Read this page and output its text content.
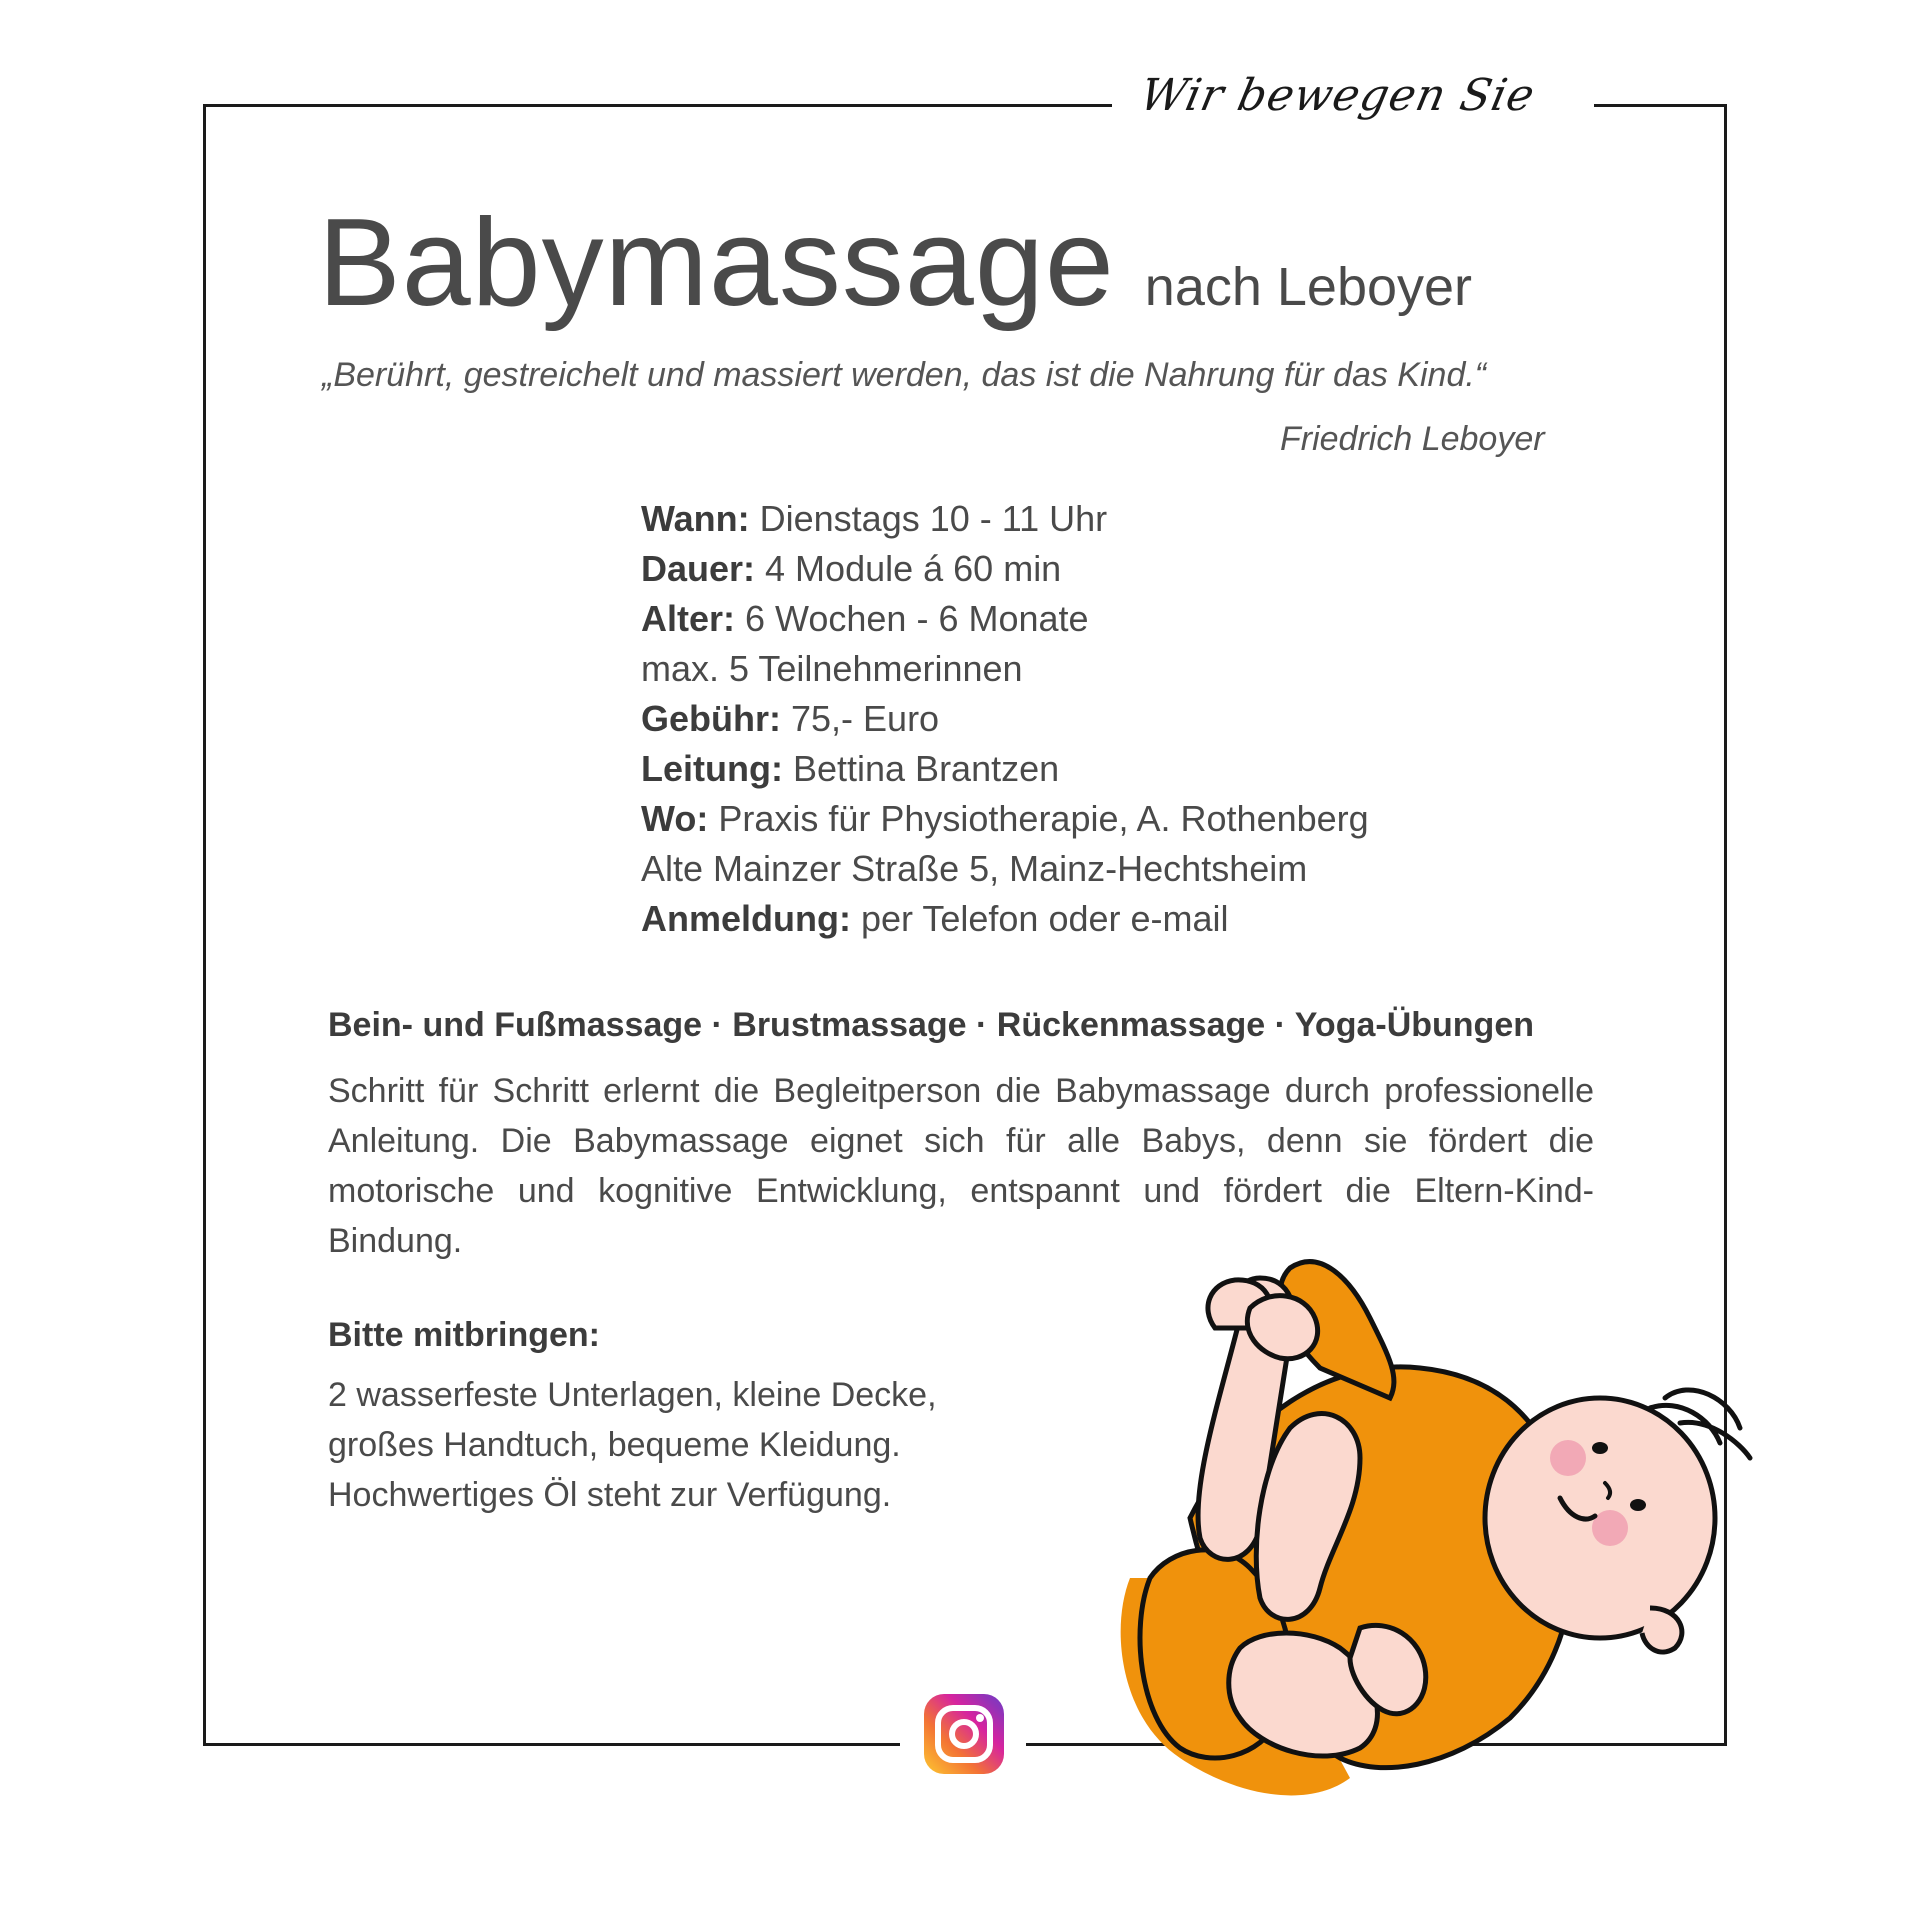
Wir bewegen Sie
Babymassage nach Leboyer
„Berührt, gestreichelt und massiert werden, das ist die Nahrung für das Kind.“
Friedrich Leboyer
Wann: Dienstags 10 - 11 Uhr
Dauer: 4 Module á 60 min
Alter: 6 Wochen - 6 Monate
max. 5 Teilnehmerinnen
Gebühr: 75,- Euro
Leitung: Bettina Brantzen
Wo: Praxis für Physiotherapie, A. Rothenberg
Alte Mainzer Straße 5, Mainz-Hechtsheim
Anmeldung: per Telefon oder e-mail
Bein- und Fußmassage · Brustmassage · Rückenmassage · Yoga-Übungen
Schritt für Schritt erlernt die Begleitperson die Babymassage durch professionelle Anleitung. Die Babymassage eignet sich für alle Babys, denn sie fördert die motorische und kognitive Entwicklung, entspannt und fördert die Eltern-Kind-Bindung.
Bitte mitbringen:
2 wasserfeste Unterlagen, kleine Decke,
großes Handtuch, bequeme Kleidung.
Hochwertiges Öl steht zur Verfügung.
